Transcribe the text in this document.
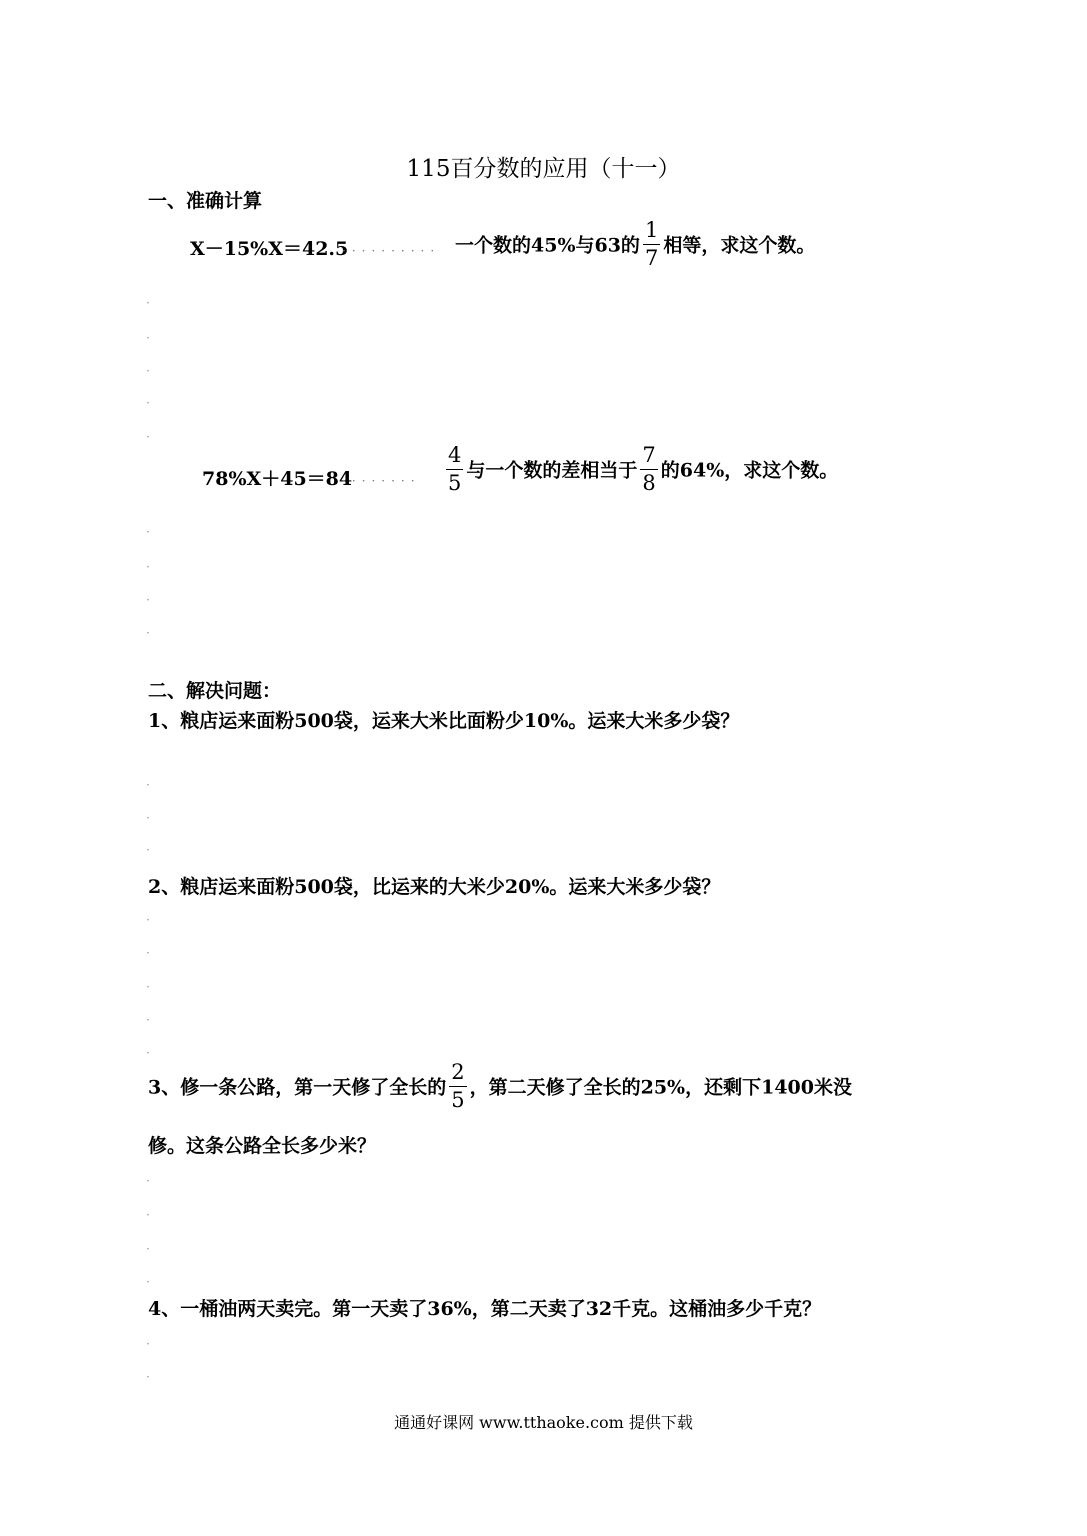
115百分数的应用（十一）
一、准确计算
X－15%X＝42.5
·········· 一个数的45%与63的 $\frac{1}{7}$ 相等，求这个数。
·
·
·
·
·
78%X＋45＝84
········ $\frac{4}{5}$ 与一个数的差相当于 $\frac{7}{8}$ 的64%，求这个数。
·
·
·
·
二、解决问题：
1、粮店运来面粉500袋，运来大米比面粉少10%。运来大米多少袋？
·
·
·
2、粮店运来面粉500袋，比运来的大米少20%。运来大米多少袋？
·
·
·
·
·
3、修一条公路，第一天修了全长的 $\frac{2}{5}$ ，第二天修了全长的25%，还剩下1400米没
修。这条公路全长多少米？
·
·
·
·
4、一桶油两天卖完。第一天卖了36%，第二天卖了32千克。这桶油多少千克？
·
·
通通好课网 www.tthaoke.com 提供下载
